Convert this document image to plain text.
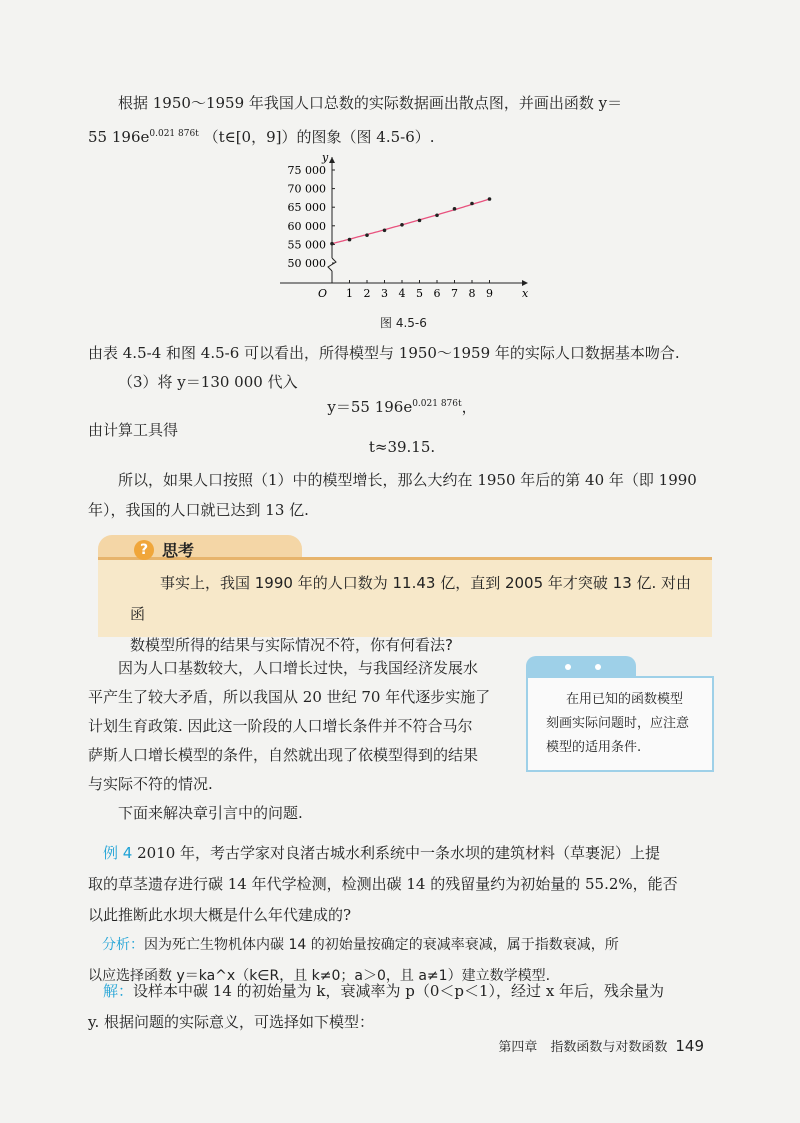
根据 1950～1959 年我国人口总数的实际数据画出散点图，并画出函数 y＝
55 $196e^{0.021 876t}$ （t∈[0，9]）的图象（图 4.5-6）.
x
y
O 1 2 3 4 5 6 7 8 9
50 000
55 000
60 000
65 000
70 000
75 000
图 4.5-6
由表 4.5-4 和图 4.5-6 可以看出，所得模型与 1950～1959 年的实际人口数据基本吻合.
（3）将 y＝130 000 代入
y＝55 $196e^{0.021 876t}$，
由计算工具得
t≈39.15.
所以，如果人口按照（1）中的模型增长，那么大约在 1950 年后的第 40 年（即 1990
年），我国的人口就已达到 13 亿.
? 思考
事实上，我国 1990 年的人口数为 11.43 亿，直到 2005 年才突破 13 亿. 对由函
数模型所得的结果与实际情况不符，你有何看法?
因为人口基数较大，人口增长过快，与我国经济发展水
平产生了较大矛盾，所以我国从 20 世纪 70 年代逐步实施了
计划生育政策. 因此这一阶段的人口增长条件并不符合马尔
萨斯人口增长模型的条件，自然就出现了依模型得到的结果
与实际不符的情况.
下面来解决章引言中的问题.
在用已知的函数模型
刻画实际问题时，应注意
模型的适用条件.
例 4 2010 年，考古学家对良渚古城水利系统中一条水坝的建筑材料（草裹泥）上提
取的草茎遗存进行碳 14 年代学检测，检测出碳 14 的残留量约为初始量的 55.2%，能否
以此推断此水坝大概是什么年代建成的?
分析：因为死亡生物机体内碳 14 的初始量按确定的衰减率衰减，属于指数衰减，所
以应选择函数 y＝ka^x（k∈R，且 k≠0；a＞0，且 a≠1）建立数学模型.
解：设样本中碳 14 的初始量为 k，衰减率为 p（0＜p＜1），经过 x 年后，残余量为
y. 根据问题的实际意义，可选择如下模型：
第四章　指数函数与对数函数 149
